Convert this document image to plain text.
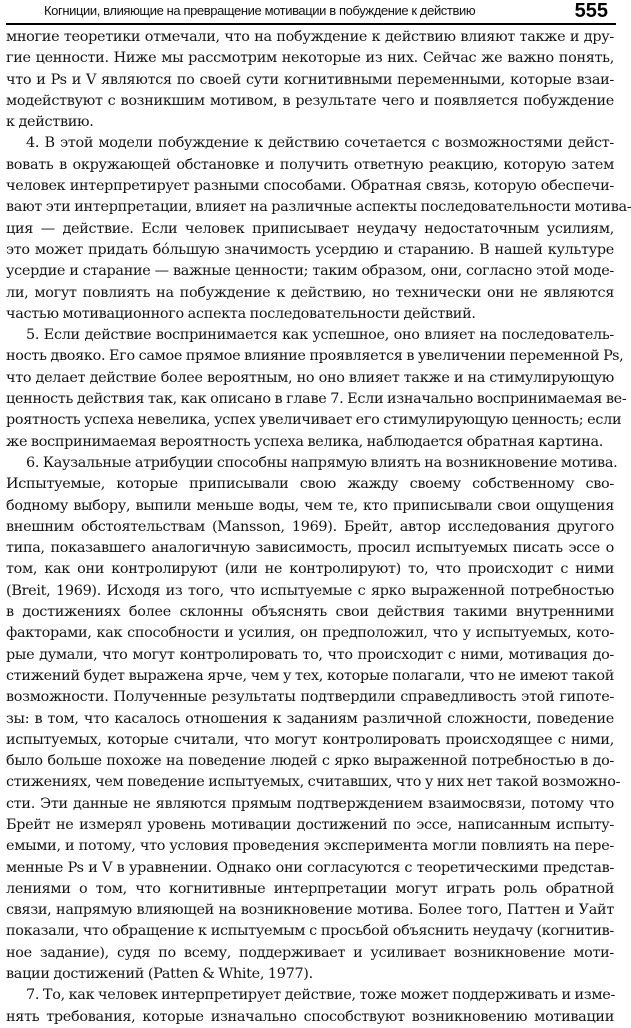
Когниции, влияющие на превращение мотивации в побуждение к действию	555
многие теоретики отмечали, что на побуждение к действию влияют также и дру-
гие ценности. Ниже мы рассмотрим некоторые из них. Сейчас же важно понять,
что и Ps и V являются по своей сути когнитивными переменными, которые взаи-
модействуют с возникшим мотивом, в результате чего и появляется побуждение
к действию.
4. В этой модели побуждение к действию сочетается с возможностями дейст-
вовать в окружающей обстановке и получить ответную реакцию, которую затем
человек интерпретирует разными способами. Обратная связь, которую обеспечи-
вают эти интерпретации, влияет на различные аспекты последовательности мотива-
ция — действие. Если человек приписывает неудачу недостаточным усилиям,
это может придать бóльшую значимость усердию и старанию. В нашей культуре
усердие и старание — важные ценности; таким образом, они, согласно этой моде-
ли, могут повлиять на побуждение к действию, но технически они не являются
частью мотивационного аспекта последовательности действий.
5. Если действие воспринимается как успешное, оно влияет на последователь-
ность двояко. Его самое прямое влияние проявляется в увеличении переменной Ps,
что делает действие более вероятным, но оно влияет также и на стимулирующую
ценность действия так, как описано в главе 7. Если изначально воспринимаемая ве-
роятность успеха невелика, успех увеличивает его стимулирующую ценность; если
же воспринимаемая вероятность успеха велика, наблюдается обратная картина.
6. Каузальные атрибуции способны напрямую влиять на возникновение мотива.
Испытуемые, которые приписывали свою жажду своему собственному сво-
бодному выбору, выпили меньше воды, чем те, кто приписывали свои ощущения
внешним обстоятельствам (Mansson, 1969). Брейт, автор исследования другого
типа, показавшего аналогичную зависимость, просил испытуемых писать эссе о
том, как они контролируют (или не контролируют) то, что происходит с ними
(Breit, 1969). Исходя из того, что испытуемые с ярко выраженной потребностью
в достижениях более склонны объяснять свои действия такими внутренними
факторами, как способности и усилия, он предположил, что у испытуемых, кото-
рые думали, что могут контролировать то, что происходит с ними, мотивация до-
стижений будет выражена ярче, чем у тех, которые полагали, что не имеют такой
возможности. Полученные результаты подтвердили справедливость этой гипоте-
зы: в том, что касалось отношения к заданиям различной сложности, поведение
испытуемых, которые считали, что могут контролировать происходящее с ними,
было больше похоже на поведение людей с ярко выраженной потребностью в до-
стижениях, чем поведение испытуемых, считавших, что у них нет такой возможно-
сти. Эти данные не являются прямым подтверждением взаимосвязи, потому что
Брейт не измерял уровень мотивации достижений по эссе, написанным испыту-
емыми, и потому, что условия проведения эксперимента могли повлиять на пере-
менные Ps и V в уравнении. Однако они согласуются с теоретическими представ-
лениями о том, что когнитивные интерпретации могут играть роль обратной
связи, напрямую влияющей на возникновение мотива. Более того, Паттен и Уайт
показали, что обращение к испытуемым с просьбой объяснить неудачу (когнитив-
ное задание), судя по всему, поддерживает и усиливает возникновение моти-
вации достижений (Patten & White, 1977).
7. То, как человек интерпретирует действие, тоже может поддерживать и изме-
нять требования, которые изначально способствуют возникновению мотивации
